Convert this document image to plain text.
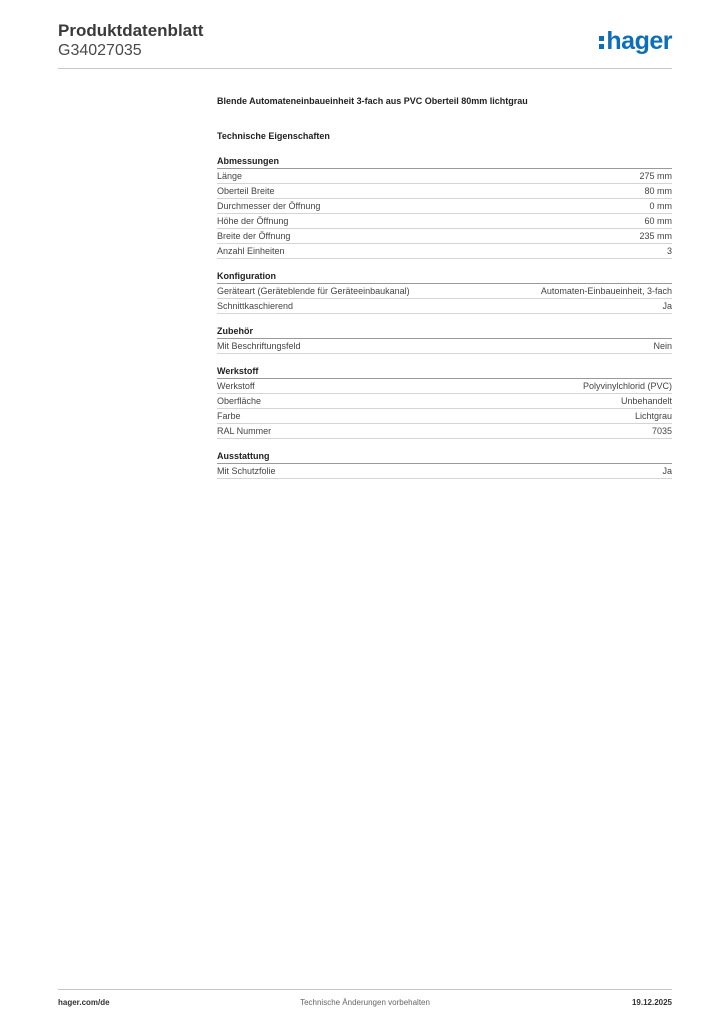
Produktdatenblatt
G34027035	hager
Blende Automateneinbaueinheit 3-fach aus PVC Oberteil 80mm lichtgrau
Technische Eigenschaften
Abmessungen
Länge	275 mm
Oberteil Breite	80 mm
Durchmesser der Öffnung	0 mm
Höhe der Öffnung	60 mm
Breite der Öffnung	235 mm
Anzahl Einheiten	3
Konfiguration
Geräteart (Geräteblende für Geräteeinbaukanal)	Automaten-Einbaueinheit, 3-fach
Schnittkaschierend	Ja
Zubehör
Mit Beschriftungsfeld	Nein
Werkstoff
Werkstoff	Polyvinylchlorid (PVC)
Oberfläche	Unbehandelt
Farbe	Lichtgrau
RAL Nummer	7035
Ausstattung
Mit Schutzfolie	Ja
hager.com/de	Technische Änderungen vorbehalten	19.12.2025
